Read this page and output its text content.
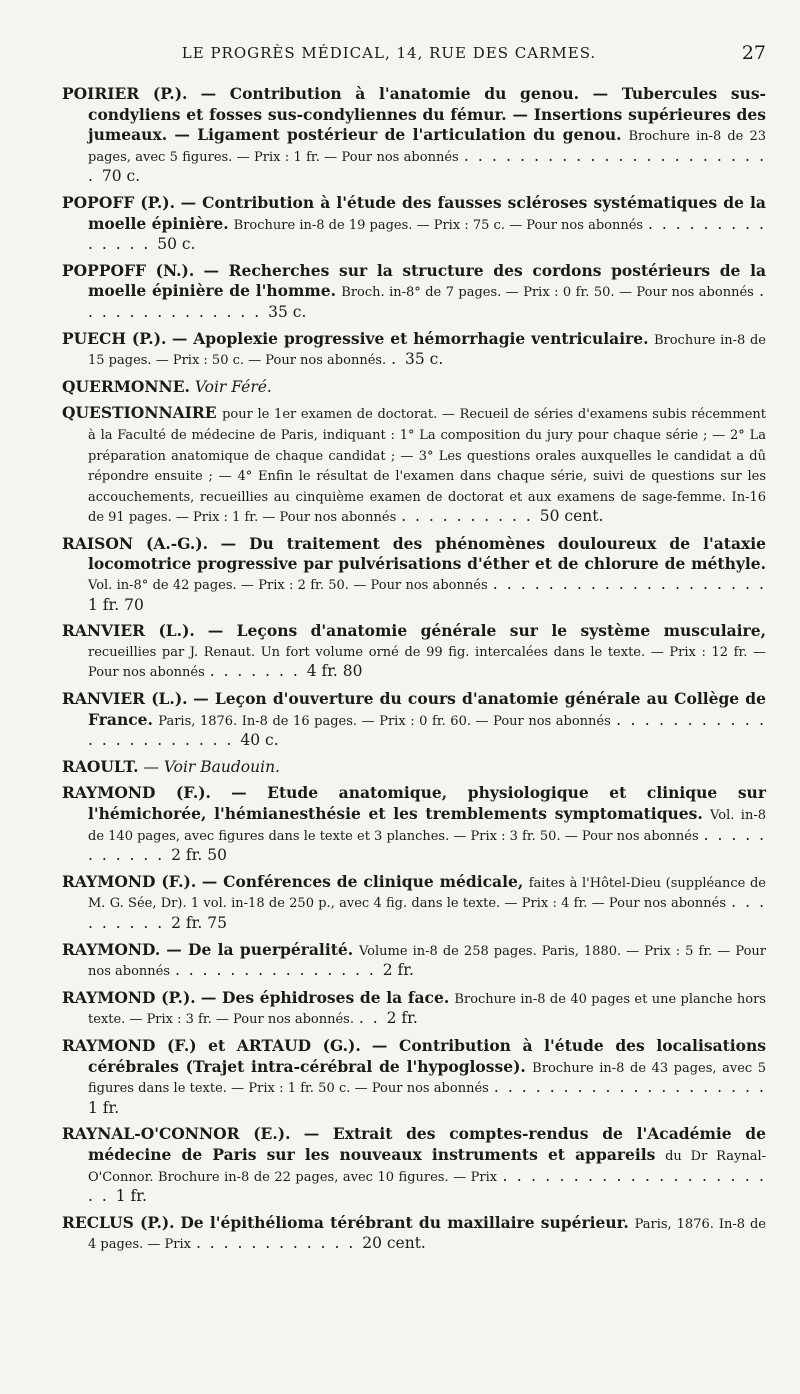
LE PROGRÈS MÉDICAL, 14, RUE DES CARMES.	27

POIRIER (P.). — Contribution à l'anatomie du genou. — Tubercules sus-condyliens et fosses sus-condyliennes du fémur. — Insertions supérieures des jumeaux. — Ligament postérieur de l'articulation du genou. Brochure in-8 de 23 pages, avec 5 figures. — Prix : 1 fr. — Pour nos abonnés . . . . . . . . . . . . . . . . . . . . . . . 70 c.

POPOFF (P.). — Contribution à l'étude des fausses scléroses systématiques de la moelle épinière. Brochure in-8 de 19 pages. — Prix : 75 c. — Pour nos abonnés . . . . . . . . . . . . . . 50 c.

POPPOFF (N.). — Recherches sur la structure des cordons postérieurs de la moelle épinière de l'homme. Broch. in-8° de 7 pages. — Prix : 0 fr. 50. — Pour nos abonnés . . . . . . . . . . . . . . 35 c.

PUECH (P.). — Apoplexie progressive et hémorrhagie ventriculaire. Brochure in-8 de 15 pages. — Prix : 50 c. — Pour nos abonnés. . 35 c.

QUERMONNE. Voir Féré.

QUESTIONNAIRE pour le 1er examen de doctorat. — Recueil de séries d'examens subis récemment à la Faculté de médecine de Paris, indiquant : 1° La composition du jury pour chaque série ; — 2° La préparation anatomique de chaque candidat ; — 3° Les questions orales auxquelles le candidat a dû répondre ensuite ; — 4° Enfin le résultat de l'examen dans chaque série, suivi de questions sur les accouchements, recueillies au cinquième examen de doctorat et aux examens de sage-femme. In-16 de 91 pages. — Prix : 1 fr. — Pour nos abonnés . . . . . . . . . . 50 cent.

RAISON (A.-G.). — Du traitement des phénomènes douloureux de l'ataxie locomotrice progressive par pulvérisations d'éther et de chlorure de méthyle. Vol. in-8° de 42 pages. — Prix : 2 fr. 50. — Pour nos abonnés . . . . . . . . . . . . . . . . . . . . 1 fr. 70

RANVIER (L.). — Leçons d'anatomie générale sur le système musculaire, recueillies par J. Renaut. Un fort volume orné de 99 fig. intercalées dans le texte. — Prix : 12 fr. — Pour nos abonnés . . . . . . . 4 fr. 80

RANVIER (L.). — Leçon d'ouverture du cours d'anatomie générale au Collège de France. Paris, 1876. In-8 de 16 pages. — Prix : 0 fr. 60. — Pour nos abonnés . . . . . . . . . . . . . . . . . . . . . . 40 c.

RAOULT. — Voir Baudouin.

RAYMOND (F.). — Etude anatomique, physiologique et clinique sur l'hémichorée, l'hémianesthésie et les tremblements symptomatiques. Vol. in-8 de 140 pages, avec figures dans le texte et 3 planches. — Prix : 3 fr. 50. — Pour nos abonnés . . . . . . . . . . . 2 fr. 50

RAYMOND (F.). — Conférences de clinique médicale, faites à l'Hôtel-Dieu (suppléance de M. G. Sée, Dr). 1 vol. in-18 de 250 p., avec 4 fig. dans le texte. — Prix : 4 fr. — Pour nos abonnés . . . . . . . . . 2 fr. 75

RAYMOND. — De la puerpéralité. Volume in-8 de 258 pages. Paris, 1880. — Prix : 5 fr. — Pour nos abonnés . . . . . . . . . . . . . . . 2 fr.

RAYMOND (P.). — Des éphidroses de la face. Brochure in-8 de 40 pages et une planche hors texte. — Prix : 3 fr. — Pour nos abonnés. . . 2 fr.

RAYMOND (F.) et ARTAUD (G.). — Contribution à l'étude des localisations cérébrales (Trajet intra-cérébral de l'hypoglosse). Brochure in-8 de 43 pages, avec 5 figures dans le texte. — Prix : 1 fr. 50 c. — Pour nos abonnés . . . . . . . . . . . . . . . . . . . . 1 fr.

RAYNAL-O'CONNOR (E.). — Extrait des comptes-rendus de l'Académie de médecine de Paris sur les nouveaux instruments et appareils du Dr Raynal-O'Connor. Brochure in-8 de 22 pages, avec 10 figures. — Prix . . . . . . . . . . . . . . . . . . . . . 1 fr.

RECLUS (P.). De l'épithélioma térébrant du maxillaire supérieur. Paris, 1876. In-8 de 4 pages. — Prix . . . . . . . . . . . . 20 cent.
